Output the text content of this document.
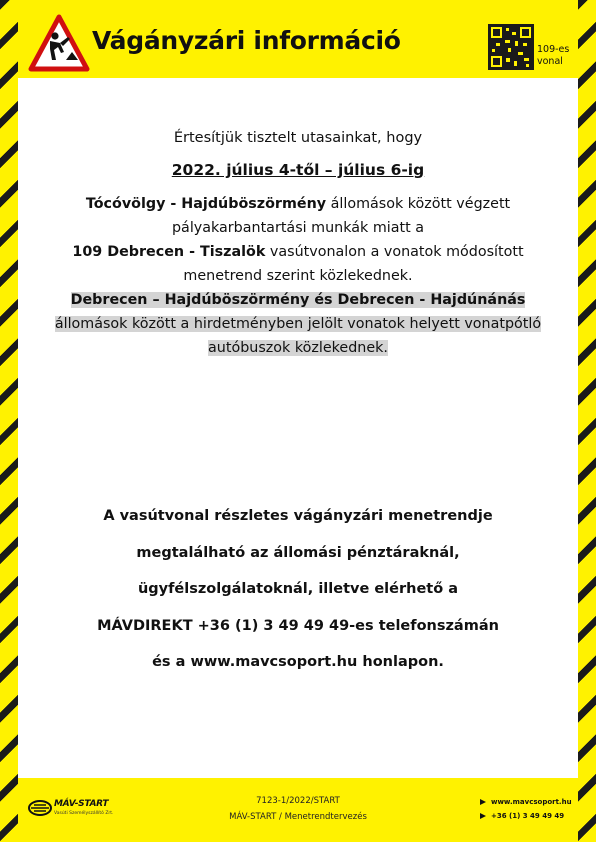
Vágányzári információ	109-es
vonal
Értesítjük tisztelt utasainkat, hogy
2022. július 4-től – július 6-ig
Tócóvölgy - Hajdúböszörmény állomások között végzett pályakarbantartási munkák miatt a
109 Debrecen - Tiszalök vasútvonalon a vonatok módosított menetrend szerint közlekednek.
Debrecen – Hajdúböszörmény és Debrecen - Hajdúnánás
állomások között a hirdetményben jelölt vonatok helyett vonatpótló autóbuszok közlekednek.
A vasútvonal részletes vágányzári menetrendje
megtalálható az állomási pénztáraknál,
ügyfélszolgálatoknál, illetve elérhető a
MÁVDIREKT +36 (1) 3 49 49 49-es telefonszámán
és a www.mavcsoport.hu honlapon.
MÁV-START
Vasúti Személyszállító Zrt.
7123-1/2022/START
MÁV-START / Menetrendtervezés
www.mavcsoport.hu
+36 (1) 3 49 49 49
